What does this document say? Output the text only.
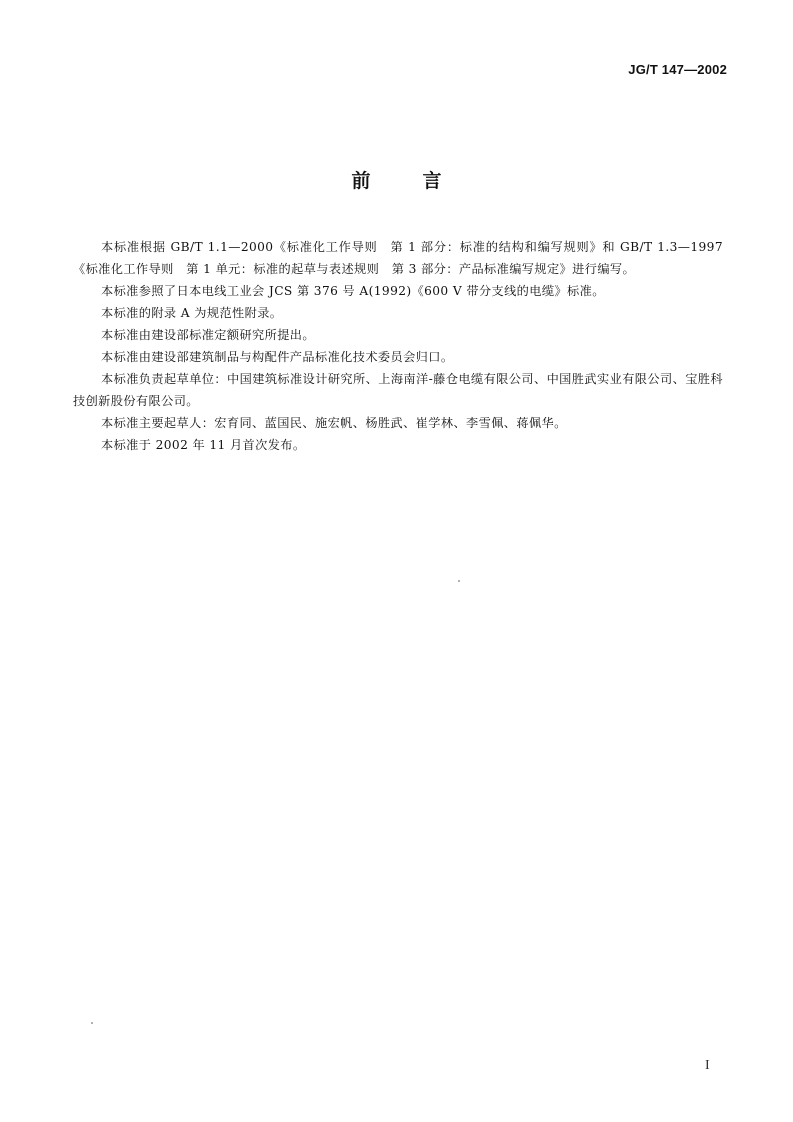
JG/T 147—2002
前	言

本标准根据 GB/T 1.1—2000《标准化工作导则　第 1 部分：标准的结构和编写规则》和 GB/T 1.3—1997《标准化工作导则　第 1 单元：标准的起草与表述规则　第 3 部分：产品标准编写规定》进行编写。

本标准参照了日本电线工业会 JCS 第 376 号 A(1992)《600 V 带分支线的电缆》标准。

本标准的附录 A 为规范性附录。

本标准由建设部标准定额研究所提出。

本标准由建设部建筑制品与构配件产品标准化技术委员会归口。

本标准负责起草单位：中国建筑标准设计研究所、上海南洋-藤仓电缆有限公司、中国胜武实业有限公司、宝胜科技创新股份有限公司。

本标准主要起草人：宏育同、蓝国民、施宏帆、杨胜武、崔学林、李雪佩、蒋佩华。

本标准于 2002 年 11 月首次发布。

I
